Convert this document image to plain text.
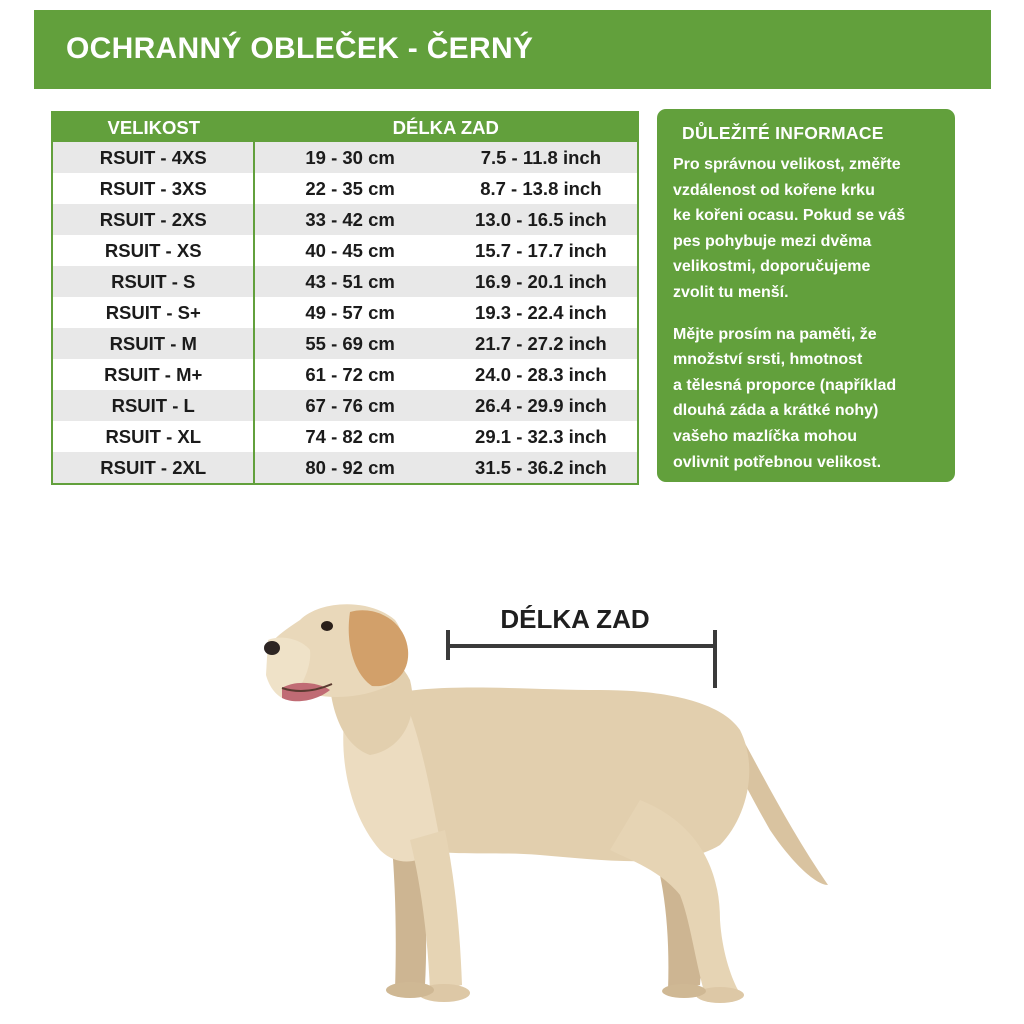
OCHRANNÝ OBLEČEK - ČERNÝ
VELIKOST	DÉLKA ZAD	
RSUIT - 4XS	19 - 30 cm	7.5 - 11.8 inch
RSUIT - 3XS	22 - 35 cm	8.7 - 13.8 inch
RSUIT - 2XS	33 - 42 cm	13.0 - 16.5 inch
RSUIT - XS	40 - 45 cm	15.7 - 17.7 inch
RSUIT - S	43 - 51 cm	16.9 - 20.1 inch
RSUIT - S+	49 - 57 cm	19.3 - 22.4 inch
RSUIT - M	55 - 69 cm	21.7 - 27.2 inch
RSUIT - M+	61 - 72 cm	24.0 - 28.3 inch
RSUIT - L	67 - 76 cm	26.4 - 29.9 inch
RSUIT - XL	74 - 82 cm	29.1 - 32.3 inch
RSUIT - 2XL	80 - 92 cm	31.5 - 36.2 inch
DŮLEŽITÉ INFORMACE

Pro správnou velikost, změřte
vzdálenost od kořene krku
ke kořeni ocasu. Pokud se váš
pes pohybuje mezi dvěma
velikostmi, doporučujeme
zvolit tu menší.

Mějte prosím na paměti, že
množství srsti, hmotnost
a tělesná proporce (například
dlouhá záda a krátké nohy)
vašeho mazlíčka mohou
ovlivnit potřebnou velikost.

DÉLKA ZAD
